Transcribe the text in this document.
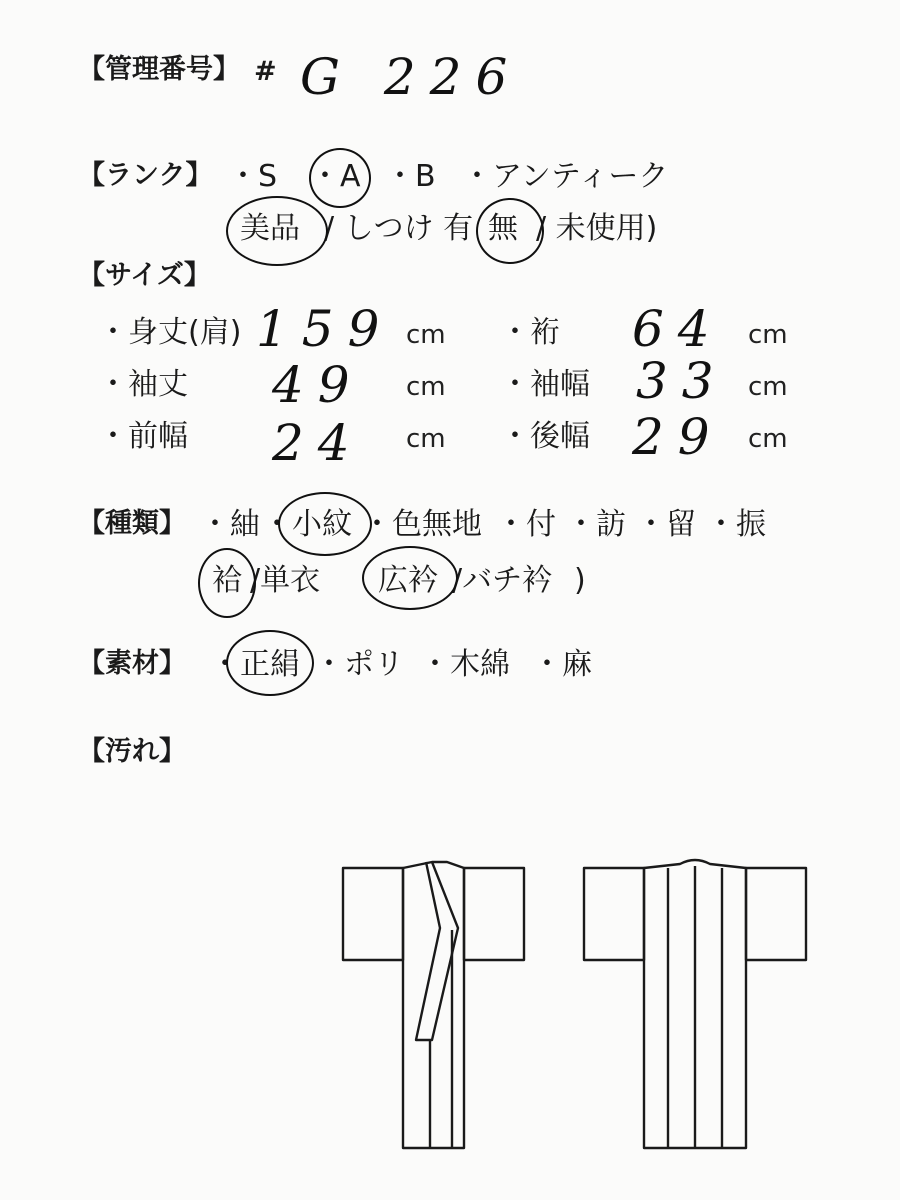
【管理番号】 # G 226
【ランク】 ・S ・A ・B ・アンティーク
美品 / しつけ 有 無 / 未使用)
【サイズ】
・身丈(肩) 159 cm ・裄 64 cm
・袖丈 49 cm ・袖幅 33 cm
・前幅 24 cm ・後幅 29 cm
【種類】 ・紬 ・小紋 ・色無地 ・付 ・訪 ・留 ・振
袷 /単衣 広衿 /バチ衿 )
【素材】 ・正絹 ・ポリ ・木綿 ・麻
【汚れ】
